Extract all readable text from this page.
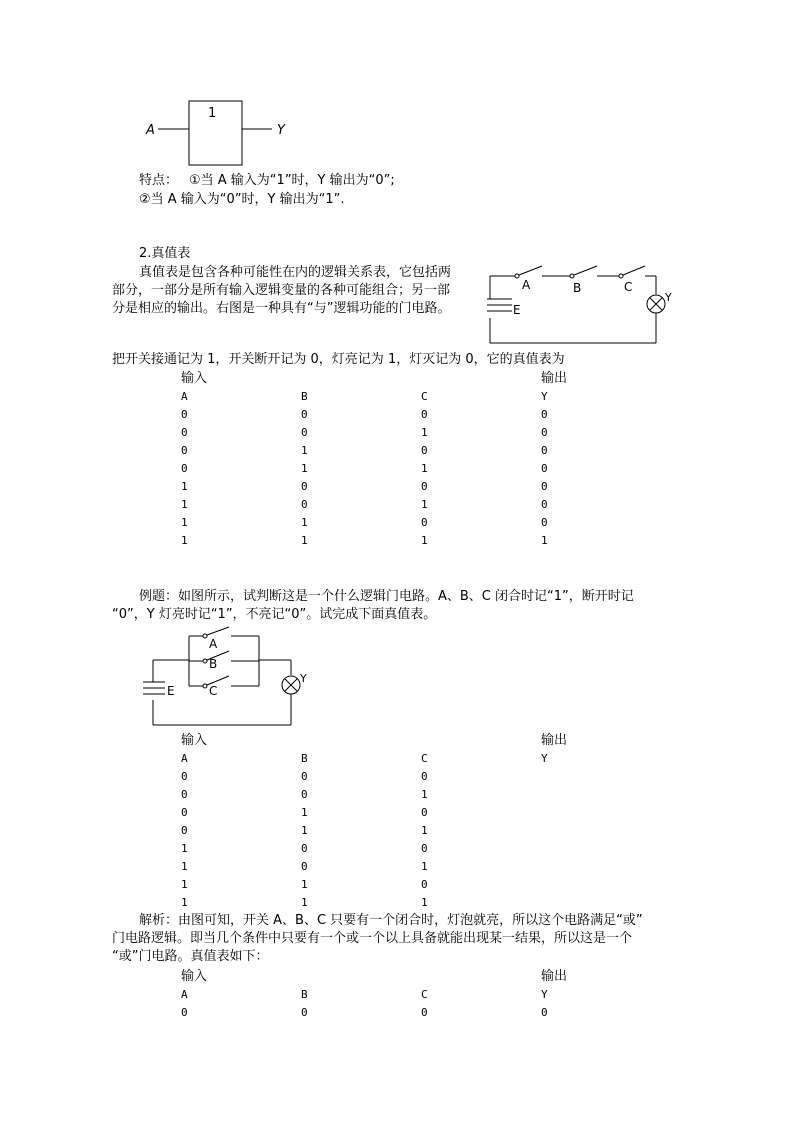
A
1
Y
特点： ①当 A 输入为“1”时，Y 输出为“0”;
②当 A 输入为“0”时，Y 输出为“1”.
2.真值表
真值表是包含各种可能性在内的逻辑关系表，它包括两
部分，一部分是所有输入逻辑变量的各种可能组合；另一部
分是相应的输出。右图是一种具有“与”逻辑功能的门电路。
A	B	C
E
Y
把开关接通记为 1，开关断开记为 0，灯亮记为 1，灯灭记为 0，它的真值表为
输入	输出
A	B	C	Y
0	0	0	0
0	0	1	0
0	1	0	0
0	1	1	0
1	0	0	0
1	0	1	0
1	1	0	0
1	1	1	1
例题：如图所示，试判断这是一个什么逻辑门电路。A、B、C 闭合时记“1”，断开时记
“0”，Y 灯亮时记“1”，不亮记“0”。试完成下面真值表。
A
B
C
E
Y
输入	输出
A	B	C	Y
0	0	0
0	0	1
0	1	0
0	1	1
1	0	0
1	0	1
1	1	0
1	1	1
解析：由图可知，开关 A、B、C 只要有一个闭合时，灯泡就亮，所以这个电路满足“或”
门电路逻辑。即当几个条件中只要有一个或一个以上具备就能出现某一结果，所以这是一个
“或”门电路。真值表如下：
输入	输出
A	B	C	Y
0	0	0	0
